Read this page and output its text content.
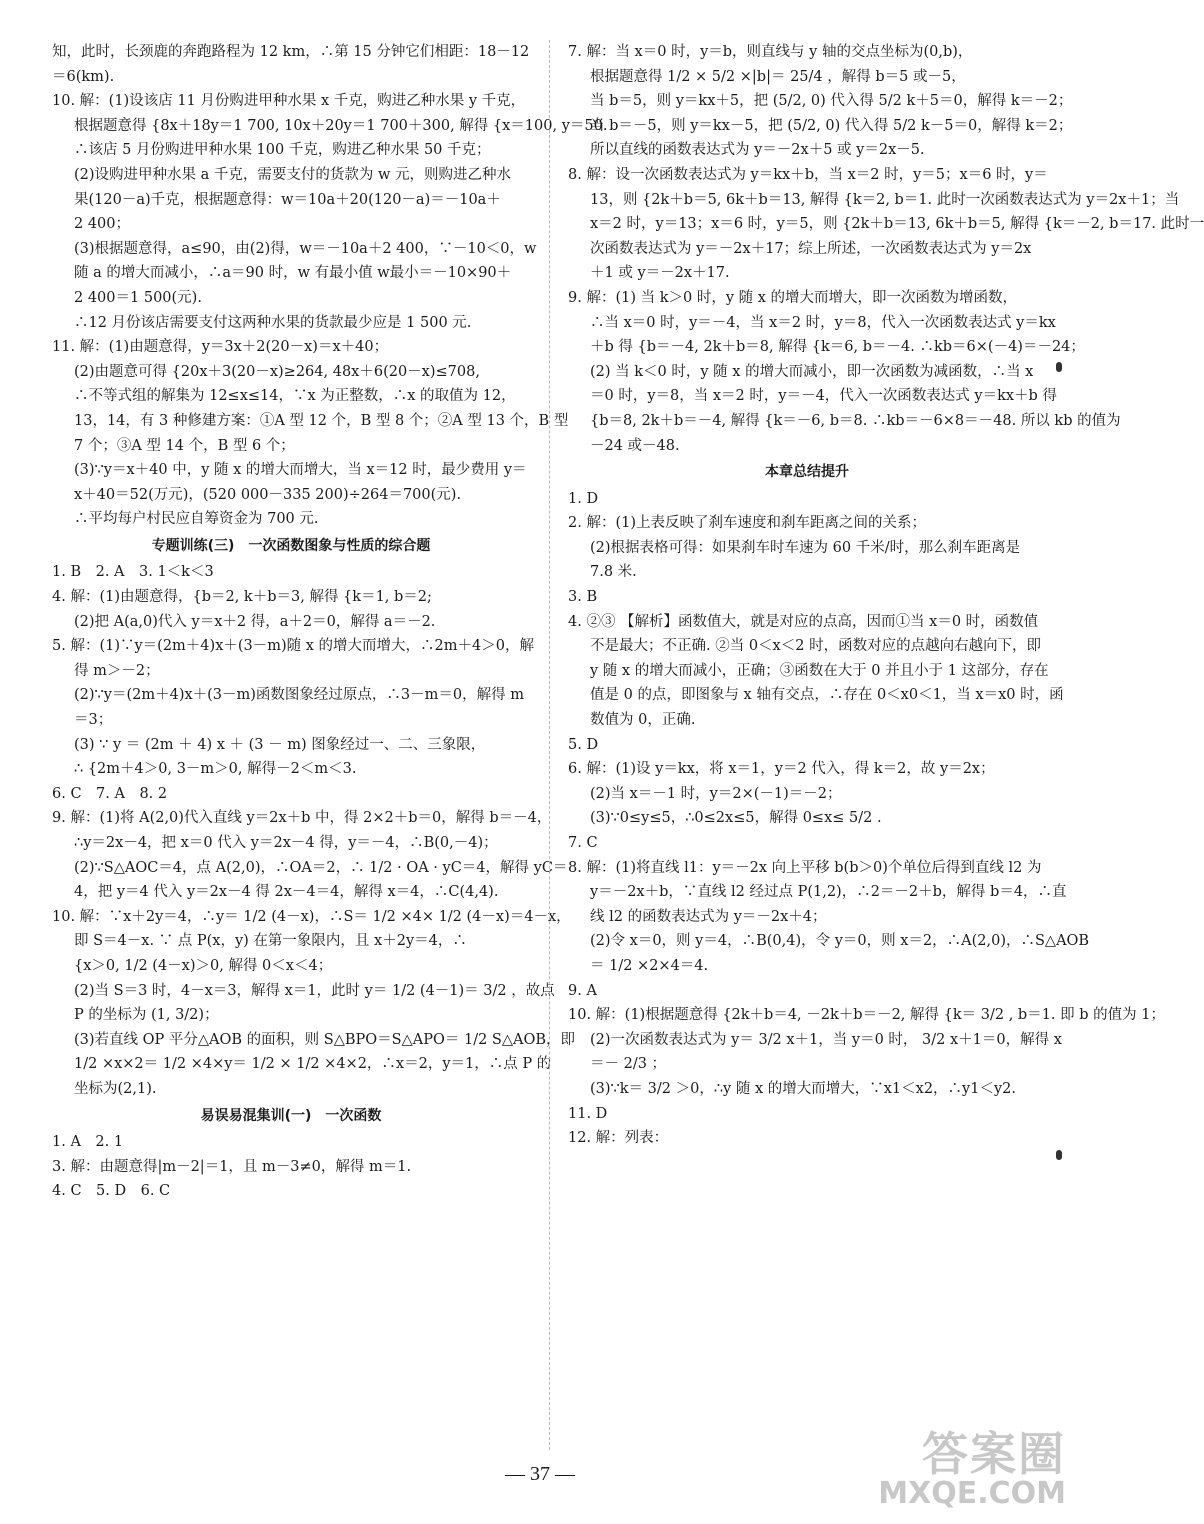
知，此时，长颈鹿的奔跑路程为 12 km，∴第 15 分钟它们相距：18－12
＝6(km).
10. 解：(1)设该店 11 月份购进甲种水果 x 千克，购进乙种水果 y 千克，
根据题意得 {8x＋18y＝1 700, 10x＋20y＝1 700＋300, 解得 {x＝100, y＝50.
∴该店 5 月份购进甲种水果 100 千克，购进乙种水果 50 千克；
(2)设购进甲种水果 a 千克，需要支付的货款为 w 元，则购进乙种水
果(120－a)千克，根据题意得：w＝10a＋20(120－a)＝－10a＋
2 400；
(3)根据题意得，a≤90，由(2)得，w＝－10a＋2 400，∵－10＜0，w
随 a 的增大而减小，∴a＝90 时，w 有最小值 w最小＝－10×90＋
2 400＝1 500(元).
∴12 月份该店需要支付这两种水果的货款最少应是 1 500 元.
11. 解：(1)由题意得，y＝3x＋2(20－x)＝x＋40；
(2)由题意可得 {20x＋3(20－x)≥264, 48x＋6(20－x)≤708,
∴不等式组的解集为 12≤x≤14，∵x 为正整数，∴x 的取值为 12，
13，14，有 3 种修建方案：①A 型 12 个，B 型 8 个；②A 型 13 个，B 型
7 个；③A 型 14 个，B 型 6 个；
(3)∵y＝x＋40 中，y 随 x 的增大而增大，当 x＝12 时，最少费用 y＝
x＋40＝52(万元)，(520 000－335 200)÷264＝700(元).
∴平均每户村民应自筹资金为 700 元.
专题训练(三)　一次函数图象与性质的综合题
1. B　2. A　3. 1＜k＜3
4. 解：(1)由题意得，{b＝2, k＋b＝3, 解得 {k＝1, b＝2;
(2)把 A(a,0)代入 y＝x＋2 得，a＋2＝0，解得 a＝－2.
5. 解：(1)∵y＝(2m＋4)x＋(3－m)随 x 的增大而增大，∴2m＋4＞0，解
得 m＞－2；
(2)∵y＝(2m＋4)x＋(3－m)函数图象经过原点，∴3－m＝0，解得 m
＝3；
(3) ∵ y ＝ (2m ＋ 4) x ＋ (3 － m) 图象经过一、二、三象限，
∴ {2m＋4＞0, 3－m＞0, 解得－2＜m＜3.
6. C　7. A　8. 2
9. 解：(1)将 A(2,0)代入直线 y＝2x＋b 中，得 2×2＋b＝0，解得 b＝－4，
∴y＝2x－4，把 x＝0 代入 y＝2x－4 得，y＝－4，∴B(0,－4)；
(2)∵S△AOC＝4，点 A(2,0)，∴OA＝2，∴ 1/2 · OA · yC＝4，解得 yC＝
4，把 y＝4 代入 y＝2x－4 得 2x－4＝4，解得 x＝4，∴C(4,4).
10. 解：∵x＋2y＝4，∴y＝ 1/2 (4－x)，∴S＝ 1/2 ×4× 1/2 (4－x)＝4－x，
即 S＝4－x. ∵ 点 P(x，y) 在第一象限内，且 x＋2y＝4，∴
{x＞0, 1/2 (4－x)＞0, 解得 0＜x＜4；
(2)当 S＝3 时，4－x＝3，解得 x＝1，此时 y＝ 1/2 (4－1)＝ 3/2 ，故点
P 的坐标为 (1, 3/2)；
(3)若直线 OP 平分△AOB 的面积，则 S△BPO＝S△APO＝ 1/2 S△AOB，即
1/2 ×x×2＝ 1/2 ×4×y＝ 1/2 × 1/2 ×4×2，∴x＝2，y＝1，∴点 P 的
坐标为(2,1).
易误易混集训(一)　一次函数
1. A　2. 1
3. 解：由题意得|m－2|＝1，且 m－3≠0，解得 m＝1.
4. C　5. D　6. C
7. 解：当 x＝0 时，y＝b，则直线与 y 轴的交点坐标为(0,b)，
根据题意得 1/2 × 5/2 ×|b|＝ 25/4 ，解得 b＝5 或－5，
当 b＝5，则 y＝kx＋5，把 (5/2, 0) 代入得 5/2 k＋5＝0，解得 k＝－2；
当 b＝－5，则 y＝kx－5，把 (5/2, 0) 代入得 5/2 k－5＝0，解得 k＝2；
所以直线的函数表达式为 y＝－2x＋5 或 y＝2x－5.
8. 解：设一次函数表达式为 y＝kx＋b，当 x＝2 时，y＝5；x＝6 时，y＝
13，则 {2k＋b＝5, 6k＋b＝13, 解得 {k＝2, b＝1. 此时一次函数表达式为 y＝2x＋1；当
x＝2 时，y＝13；x＝6 时，y＝5，则 {2k＋b＝13, 6k＋b＝5, 解得 {k＝－2, b＝17. 此时一
次函数表达式为 y＝－2x＋17；综上所述，一次函数表达式为 y＝2x
＋1 或 y＝－2x＋17.
9. 解：(1) 当 k＞0 时，y 随 x 的增大而增大，即一次函数为增函数，
∴当 x＝0 时，y＝－4，当 x＝2 时，y＝8，代入一次函数表达式 y＝kx
＋b 得 {b＝－4, 2k＋b＝8, 解得 {k＝6, b＝－4. ∴kb＝6×(－4)＝－24；
(2) 当 k＜0 时，y 随 x 的增大而减小，即一次函数为减函数，∴当 x
＝0 时，y＝8，当 x＝2 时，y＝－4，代入一次函数表达式 y＝kx＋b 得
{b＝8, 2k＋b＝－4, 解得 {k＝－6, b＝8. ∴kb＝－6×8＝－48. 所以 kb 的值为
－24 或－48.
本章总结提升
1. D
2. 解：(1)上表反映了刹车速度和刹车距离之间的关系；
(2)根据表格可得：如果刹车时车速为 60 千米/时，那么刹车距离是
7.8 米.
3. B
4. ②③ 【解析】函数值大，就是对应的点高，因而①当 x＝0 时，函数值
不是最大；不正确. ②当 0＜x＜2 时，函数对应的点越向右越向下，即
y 随 x 的增大而减小，正确；③函数在大于 0 并且小于 1 这部分，存在
值是 0 的点，即图象与 x 轴有交点，∴存在 0＜x0＜1，当 x＝x0 时，函
数值为 0，正确.
5. D
6. 解：(1)设 y＝kx，将 x＝1，y＝2 代入，得 k＝2，故 y＝2x；
(2)当 x＝－1 时，y＝2×(－1)＝－2；
(3)∵0≤y≤5，∴0≤2x≤5，解得 0≤x≤ 5/2 .
7. C
8. 解：(1)将直线 l1：y＝－2x 向上平移 b(b＞0)个单位后得到直线 l2 为
y＝－2x＋b，∵直线 l2 经过点 P(1,2)，∴2＝－2＋b，解得 b＝4，∴直
线 l2 的函数表达式为 y＝－2x＋4；
(2)令 x＝0，则 y＝4，∴B(0,4)，令 y＝0，则 x＝2，∴A(2,0)，∴S△AOB
＝ 1/2 ×2×4＝4.
9. A
10. 解：(1)根据题意得 {2k＋b＝4, －2k＋b＝－2, 解得 {k＝ 3/2 , b＝1. 即 b 的值为 1；
(2)一次函数表达式为 y＝ 3/2 x＋1，当 y＝0 时， 3/2 x＋1＝0，解得 x
＝－ 2/3 ；
(3)∵k＝ 3/2 ＞0，∴y 随 x 的增大而增大，∵x1＜x2，∴y1＜y2.
11. D
12. 解：列表：
— 37 —	答案圈
MXQE.COM
